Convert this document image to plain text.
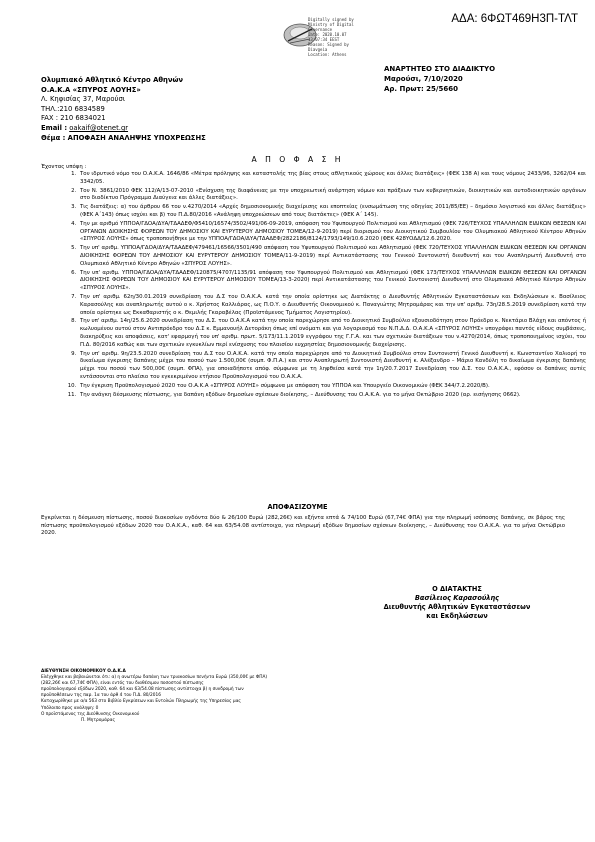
ΑΔΑ: 6ΦΩΤ469Η3Π-ΤΛΤ
Digitally signed by
Ministry of Digital
Governance
Date: 2020.10.07
13:07:34 EEST
Reason: Signed by
Diavgeia
Location: Athens
Ολυμπιακό Αθλητικό Κέντρο Αθηνών
Ο.Α.Κ.Α «ΣΠΥΡΟΣ ΛΟΥΗΣ»
Λ. Κηφισίας 37, Μαρούσι
ΤΗΛ.:210 6834589
FAX : 210 6834021
Email : oakaif@otenet.gr
Θέμα : ΑΠΟΦΑΣΗ ΑΝΑΛΗΨΗΣ ΥΠΟΧΡΕΩΣΗΣ
ΑΝΑΡΤΗΤΕΟ ΣΤΟ ΔΙΑΔΙΚΤΥΟ
Μαρούσι, 7/10/2020
Αρ. Πρωτ: 25/5660
Α Π Ο Φ Α Σ Η
Έχοντας υπόψη :
1. Τον ιδρυτικό νόμο του Ο.Α.Κ.Α. 1646/86 «Μέτρα πρόληψης και καταστολής της βίας στους αθλητικούς χώρους και άλλες διατάξεις» (ΦΕΚ 138 Α) και τους νόμους 2433/96, 3262/04 και 3342/05.
2. Τον Ν. 3861/2010 ΦΕΚ 112/Α/13-07-2010 «Ενίσχυση της διαφάνειας με την υποχρεωτική ανάρτηση νόμων και πράξεων των κυβερνητικών, διοικητικών και αυτοδιοικητικών οργάνων στο διαδίκτυο Πρόγραμμα Διαύγεια και άλλες διατάξεις».
3. Τις διατάξεις: α) του άρθρου 66 του ν.4270/2014 «Αρχές δημοσιονομικής διαχείρισης και εποπτείας (ενσωμάτωση της οδηγίας 2011/85/ΕΕ) – δημόσιο λογιστικό και άλλες διατάξεις» (ΦΕΚ Α΄143) όπως ισχύει και β) του Π.Δ.80/2016 «Ανάληψη υποχρεώσεων από τους διατάκτες» (ΦΕΚ Α΄ 145).
4. Την με αριθμό ΥΠΠΟΑ/ΓΔΟΑ/ΔΥΑ/ΤΔΑΔΕΦ/Φ5410/16574/3502/491/06-09-2019, απόφαση του Υφυπουργού Πολιτισμού και Αθλητισμού (ΦΕΚ 726/ΤΕΥΧΟΣ ΥΠΑΛΛΗΛΩΝ ΕΙΔΙΚΩΝ ΘΕΣΕΩΝ ΚΑΙ ΟΡΓΑΝΩΝ ΔΙΟΙΚΗΣΗΣ ΦΟΡΕΩΝ ΤΟΥ ΔΗΜΟΣΙΟΥ ΚΑΙ ΕΥΡΥΤΕΡΟΥ ΔΗΜΟΣΙΟΥ ΤΟΜΕΑ/12-9-2019) περί διορισμού του Διοικητικού Συμβουλίου του Ολυμπιακού Αθλητικού Κέντρου Αθηνών «ΣΠΥΡΟΣ ΛΟΥΗΣ» όπως τροποποιήθηκε με την ΥΠΠΟΑ/ΓΔΟΑ/ΔΥΑ/ΤΔΑΔΕΦ/2822186/8124/1793/149/10.6.2020 (ΦΕΚ 428ΥΟΔΔ/12.6.2020.
5. Την υπ' αριθμ. ΥΠΠΟΑ/ΓΔΟΑ/ΔΥΑ/ΤΔΑΔΕΦ/479461/16566/3501/490 απόφαση του Υφυπουργού Πολιτισμού και Αθλητισμού (ΦΕΚ 720/ΤΕΥΧΟΣ ΥΠΑΛΛΗΛΩΝ ΕΙΔΙΚΩΝ ΘΕΣΕΩΝ ΚΑΙ ΟΡΓΑΝΩΝ ΔΙΟΙΚΗΣΗΣ ΦΟΡΕΩΝ ΤΟΥ ΔΗΜΟΣΙΟΥ ΚΑΙ ΕΥΡΥΤΕΡΟΥ ΔΗΜΟΣΙΟΥ ΤΟΜΕΑ/11-9-2019) περί Αντικατάστασης του Γενικού Συντονιστή διευθυντή και του Αναπληρωτή Διευθυντή στο Ολυμπιακό Αθλητικό Κέντρο Αθηνών «ΣΠΥΡΟΣ ΛΟΥΗΣ».
6. Την υπ' αριθμ. ΥΠΠΟΑ/ΓΔΟΑ/ΔΥΑ/ΤΔΑΔΕΦ/120875/4707/1135/91 απόφαση του Υφυπουργού Πολιτισμού και Αθλητισμού (ΦΕΚ 173/ΤΕΥΧΟΣ ΥΠΑΛΛΗΛΩΝ ΕΙΔΙΚΩΝ ΘΕΣΕΩΝ ΚΑΙ ΟΡΓΑΝΩΝ ΔΙΟΙΚΗΣΗΣ ΦΟΡΕΩΝ ΤΟΥ ΔΗΜΟΣΙΟΥ ΚΑΙ ΕΥΡΥΤΕΡΟΥ ΔΗΜΟΣΙΟΥ ΤΟΜΕΑ/13-3-2020) περί Αντικατάστασης του Γενικού Συντονιστή Διευθυντή στο Ολυμπιακό Αθλητικό Κέντρο Αθηνών «ΣΠΥΡΟΣ ΛΟΥΗΣ».
7. Την υπ' αριθμ. 62η/30.01.2019 συνεδρίαση του Δ.Σ του Ο.Α.Κ.Α. κατά την οποία ορίστηκε ως Διατάκτης ο Διευθυντής Αθλητικών Εγκαταστάσεων και Εκδηλώσεων κ. Βασίλειος Καρασούλης και αναπληρωτής αυτού ο κ. Χρήστος Καλλιάρας, ως Π.Ο.Υ. ο Διευθυντής Οικονομικού κ. Παναγιώτης Μητρομάρας και την υπ' αριθμ. 73η/28.5.2019 συνεδρίαση κατά την οποία ορίστηκε ως Εκκαθαριστής ο κ. Θεμιλής Γκαραβέλας (Προϊστάμενος Τμήματος Λογιστηρίου).
8. Την υπ' αριθμ. 14η/25.6.2020 συνεδρίαση του Δ.Σ. του Ο.Α.Κ.Α κατά την οποία παρεχώρησε από το Διοικητικό Συμβούλιο εξουσιοδότηση στον Πρόεδρο κ. Νεκτάριο Βλάχη και απόντος ή κωλυομένου αυτού στον Αντιπρόεδρο του Δ.Σ κ. Εμμανουήλ Δετοράκη όπως επί ονόματι και για λογαριασμό του Ν.Π.Δ.Δ. Ο.Α.Κ.Α «ΣΠΥΡΟΣ ΛΟΥΗΣ» υπογράφει παντός είδους συμβάσεις, διακηρύξεις και αποφάσεις, κατ' εφαρμογή του υπ' αριθμ. πρωτ. 5/173/11.1.2019 εγγράφου της Γ.Γ.Α. και των σχετικών διατάξεων του ν.4270/2014, όπως τροποποιημένος ισχύει, του Π.Δ. 80/2016 καθώς και των σχετικών εγκυκλίων περί ενίσχυσης του πλαισίου ευχρηστίας δημοσιονομικής διαχείρισης.
9. Την υπ' αριθμ. 9η/23.5.2020 συνεδρίαση του Δ.Σ του Ο.Α.Κ.Α. κατά την οποία παρεχώρησε από το Διοικητικό Συμβούλιο στον Συντονιστή Γενικό Διευθυντή κ. Κωνσταντίνο Χαλιορή το δικαίωμα έγκρισης δαπάνης μέχρι του ποσού των 1.500,00€ (συμπ. Φ.Π.Α.) και στον Αναπληρωτή Συντονιστή Διευθυντή κ. Αλέξανδρο – Μάριο Κανδύλη το δικαίωμα έγκρισης δαπάνης μέχρι του ποσού των 500,00€ (συμπ. ΦΠΑ), για οποιαδήποτε απόφ. σύμφωνα με τη ληφθείσα κατά την 1η/20.7.2017 Συνεδρίαση του Δ.Σ. του Ο.Α.Κ.Α., εφόσον οι δαπάνες αυτές εντάσσονται στο πλαίσιο του εγκεκριμένου ετήσιου Προϋπολογισμού του Ο.Α.Κ.Α.
10. Την έγκριση Προϋπολογισμού 2020 του Ο.Α.Κ.Α «ΣΠΥΡΟΣ ΛΟΥΗΣ» σύμφωνα με απόφαση του ΥΠΠΟΑ και Υπουργείο Οικονομικών (ΦΕΚ 344/7.2.2020/Β).
11. Την ανάγκη δέσμευσης πίστωσης, για δαπάνη εξόδων δημοσίων σχέσεων διοίκησης, – Διεύθυνσης του Ο.Α.Κ.Α. για το μήνα Οκτώβριο 2020 (αρ. εισήγησης 0662).
ΑΠΟΦΑΣΙΖΟΥΜΕ
Εγκρίνεται η δέσμευση πίστωσης, ποσού διακοσίων ογδόντα δύο & 26/100 Ευρώ (282,26€) και εξήντα επτά & 74/100 Ευρώ (67,74€ ΦΠΑ) για την πληρωμή ισόποσης δαπάνης, σε βάρος της πίστωσης προϋπολογισμού εξόδων 2020 του Ο.Α.Κ.Α., καθ. 64 και 63/54.08 αντίστοιχα, για πληρωμή εξόδων δημοσίων σχέσεων διοίκησης, – Διεύθυνσης του Ο.Α.Κ.Α. για το μήνα Οκτώβριο 2020.
Ο ΔΙΑΤΑΚΤΗΣ
Βασίλειος Καρασούλης
Διευθυντής Αθλητικών Εγκαταστάσεων
και Εκδηλώσεων
ΔΙΕΥΘΥΝΣΗ ΟΙΚΟΝΟΜΙΚΟΥ Ο.Α.Κ.Α
Ελέγχθηκε και βεβαιώνεται ότι: α) η ανωτέρω δαπάνη των τριακοσίων πενήντα Ευρώ (350,00€ με ΦΠΑ)
(282,26€ και 67,74€ ΦΠΑ), είναι εντός του διαθέσιμου ποσοστού πίστωσης
προϋπολογισμού εξόδων 2020, καθ. 64 και 63/54.08 πίστωσης αντίστοιχα β) η συνδρομή των
προϋποθέσεων της παρ. 1α του άρθ 4 του Π.Δ. 80/2016
Καταχωρίθηκε με α/α 563 στο Βιβλίο Εγκρίσεων και Εντολών Πληρωμής της Υπηρεσίας μας
Υπόλοιπο προς ανάληψη: 0
Ο προϊστάμενος της Διεύθυνσης Οικονομικού
Π. Μητρομάρας
